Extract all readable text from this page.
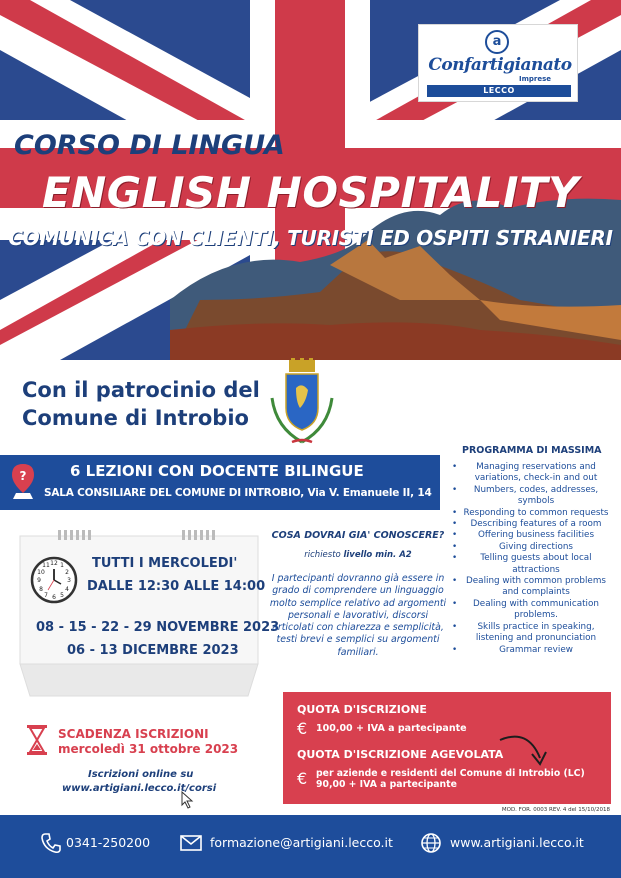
a
Confartigianato
Imprese
LECCO
CORSO DI LINGUA
ENGLISH HOSPITALITY
COMUNICA CON CLIENTI, TURISTI ED OSPITI STRANIERI
Con il patrocinio del
Comune di Introbio
?	6 LEZIONI CON DOCENTE BILINGUE
SALA CONSILIARE DEL COMUNE DI INTROBIO, Via V. Emanuele II, 14
PROGRAMMA DI MASSIMA
• Managing reservations and variations, check-in and out
• Numbers, codes, addresses, symbols
• Responding to common requests
• Describing features of a room
• Offering business facilities
• Giving directions
• Telling guests about local attractions
• Dealing with common problems and complaints
• Dealing with communication problems.
• Skills practice in speaking, listening and pronunciation
• Grammar review
12
3
6
9
1
2
4
5
7
8
10
11	TUTTI I MERCOLEDI'
DALLE 12:30 ALLE 14:00
08 - 15 - 22 - 29 NOVEMBRE 2023
06 - 13 DICEMBRE 2023
COSA DOVRAI GIA' CONOSCERE?
richiesto livello min. A2
I partecipanti dovranno già essere in grado di comprendere un linguaggio molto semplice relativo ad argomenti personali e lavorativi, discorsi articolati con chiarezza e semplicità, testi brevi e semplici su argomenti familiari.
QUOTA D'ISCRIZIONE
€ 100,00 + IVA a partecipante
QUOTA D'ISCRIZIONE AGEVOLATA
€ per aziende e residenti del Comune di Introbio (LC)
90,00 + IVA a partecipante
SCADENZA ISCRIZIONI
mercoledì 31 ottobre 2023
Iscrizioni online su
www.artigiani.lecco.it/corsi
MOD. FOR. 0003 REV. 4 del 15/10/2018
0341-250200	formazione@artigiani.lecco.it	www.artigiani.lecco.it
